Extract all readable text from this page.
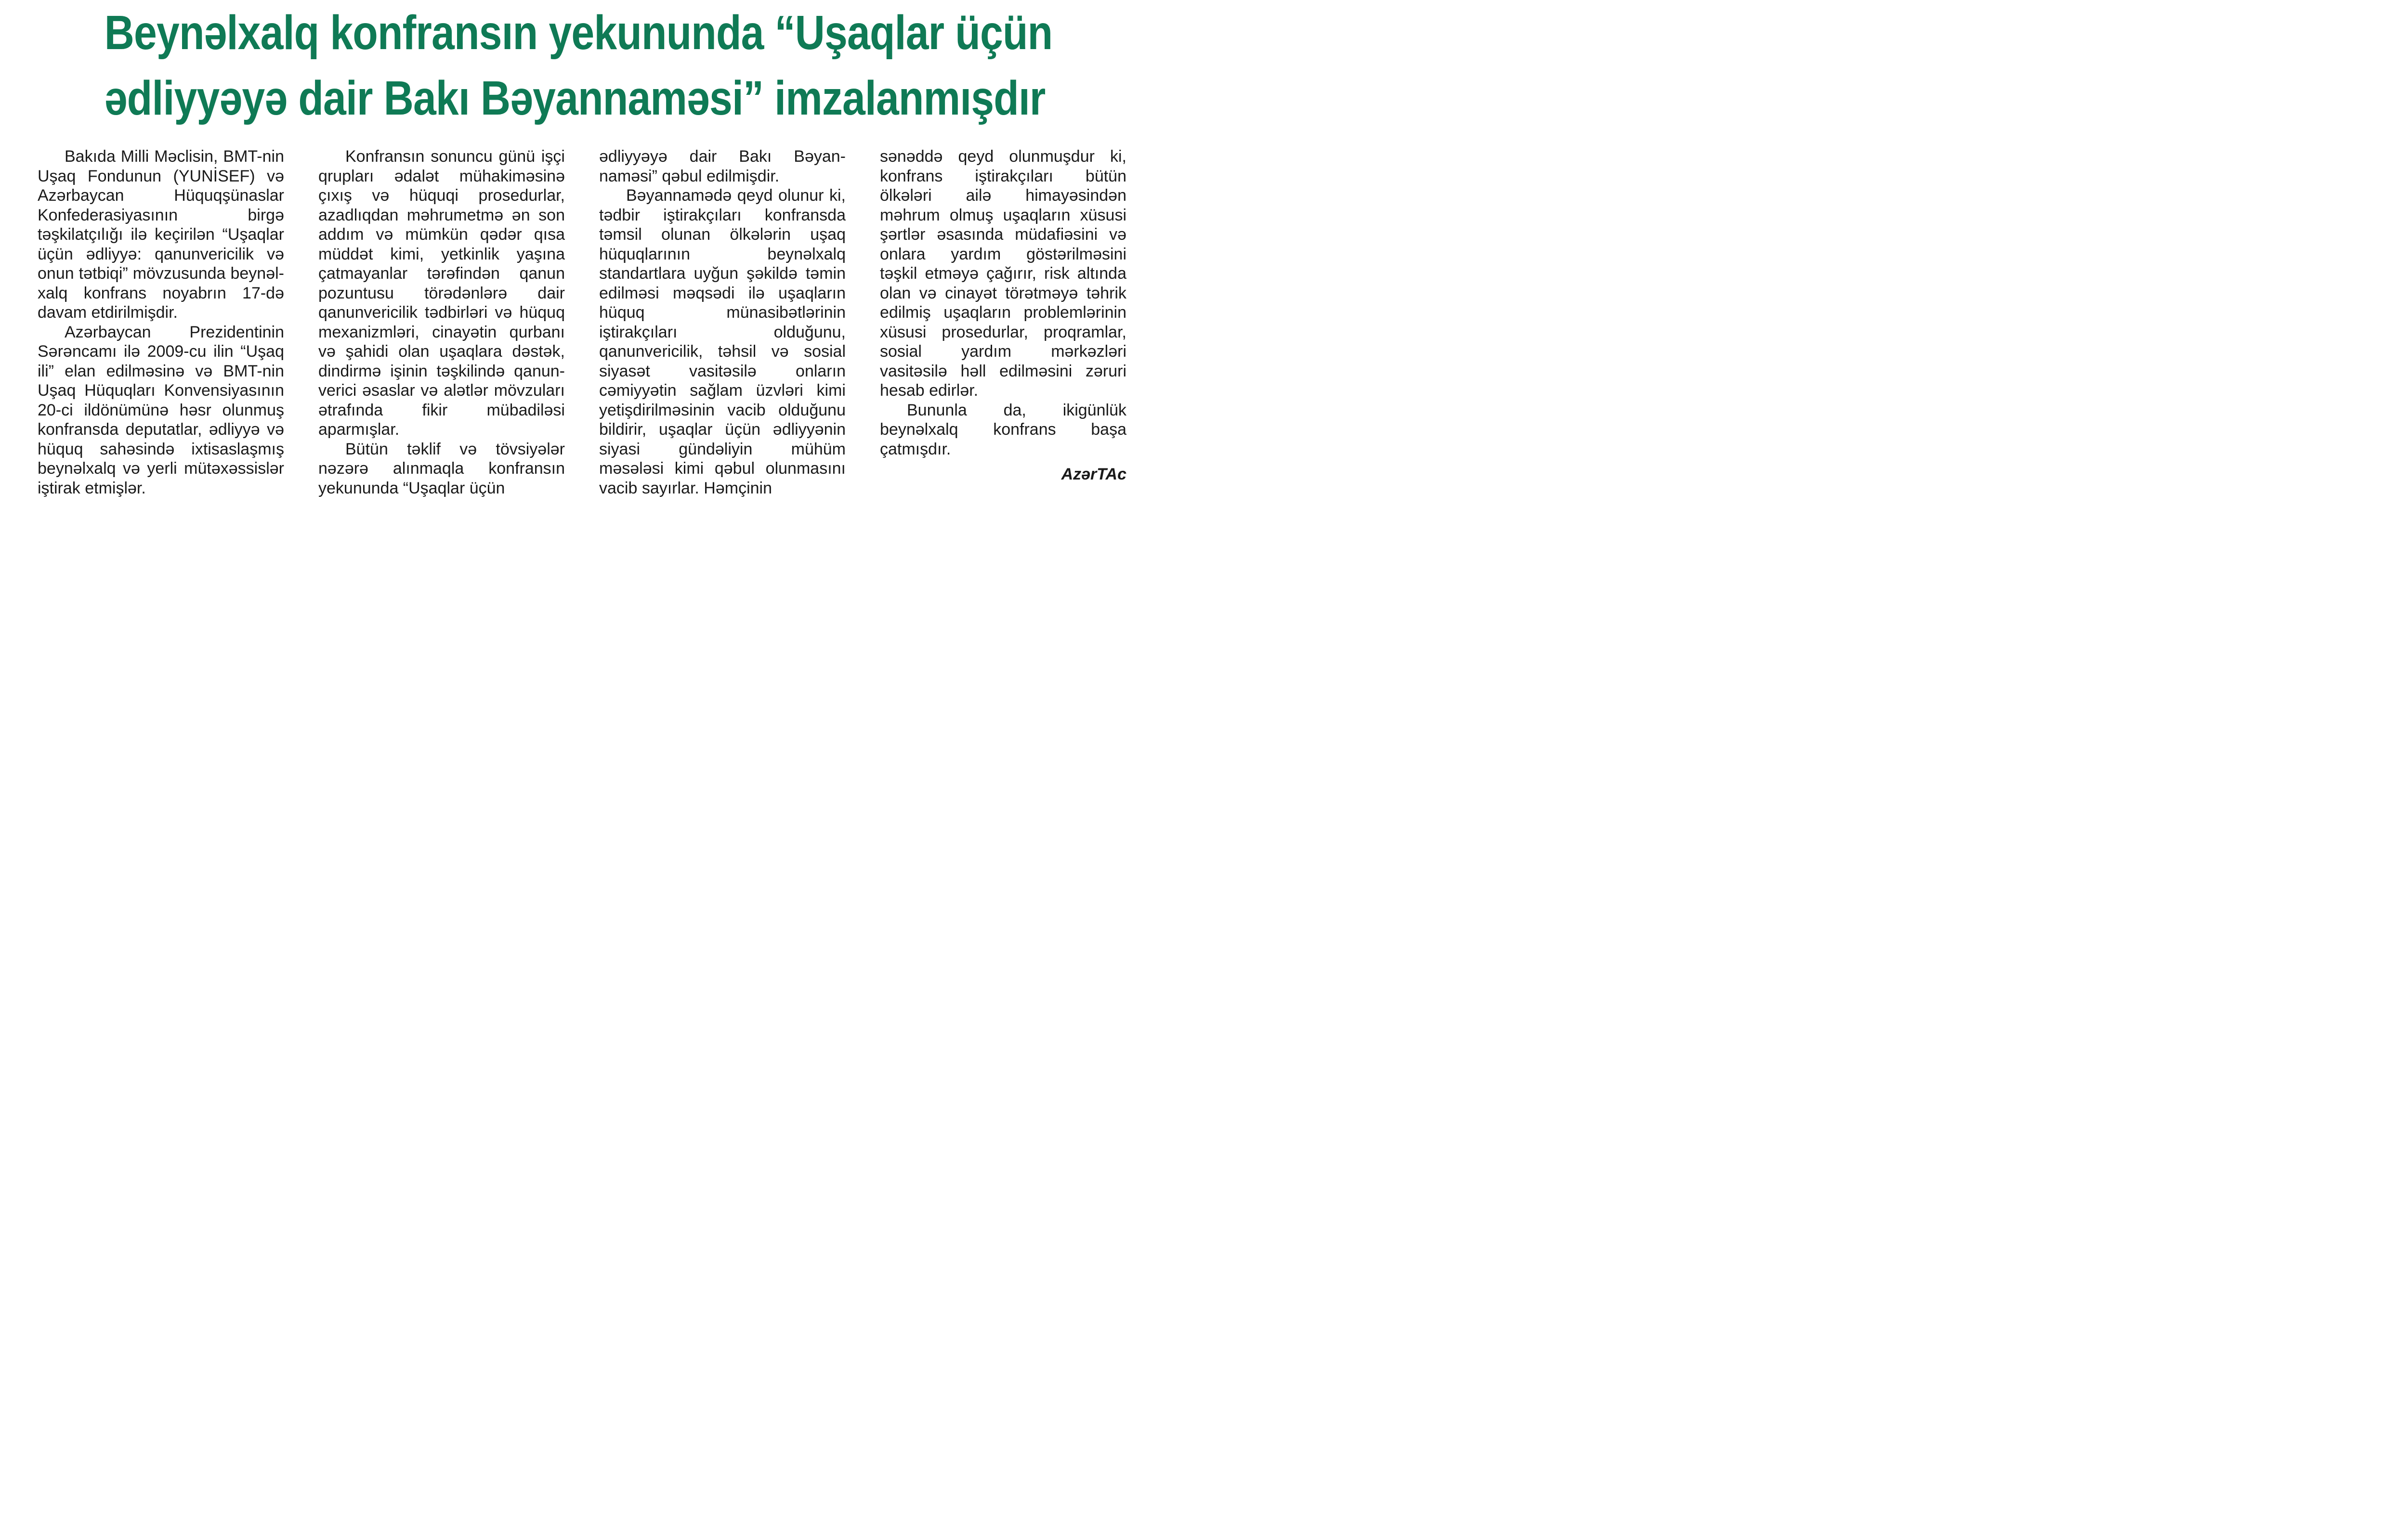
Beynəlxalq konfransın yekununda “Uşaqlar üçün
ədliyyəyə dair Bakı Bəyannaməsi” imzalanmışdır

Bakıda Milli Məclisin, BMT-nin Uşaq Fondunun (YUNİSEF) və Azərbaycan Hüquqşünaslar Konfederasiyasının birgə təşkilatçılığı ilə keçirilən “Uşaqlar üçün ədliyyə: qanunvericilik və onun tətbiqi” mövzusunda beynəlxalq konfrans noyabrın 17-də davam etdirilmişdir.

Azərbaycan Prezidentinin Sərəncamı ilə 2009-cu ilin “Uşaq ili” elan edilməsinə və BMT-nin Uşaq Hüquqları Konvensiyasının 20-ci ildönümünə həsr olunmuş konfransda deputatlar, ədliyyə və hüquq sahəsində ixtisaslaşmış beynəlxalq və yerli mütəxəssislər iştirak etmişlər.

Konfransın sonuncu günü işçi qrupları ədalət mühakiməsinə çıxış və hüquqi prosedurlar, azadlıqdan məhrumetmə ən son addım və mümkün qədər qısa müddət kimi, yetkinlik yaşına çatmayanlar tərəfindən qanun pozuntusu törədənlərə dair qanunvericilik tədbirləri və hüquq mexanizmləri, cinayətin qurbanı və şahidi olan uşaqlara dəstək, dindirmə işinin təşkilində qanunverici əsaslar və alətlər mövzuları ətrafında fikir mübadiləsi aparmışlar.

Bütün təklif və tövsiyələr nəzərə alınmaqla konfransın yekununda “Uşaqlar üçün

ədliyyəyə dair Bakı Bəyannaməsi” qəbul edilmişdir.

Bəyannamədə qeyd olunur ki, tədbir iştirakçıları konfransda təmsil olunan ölkələrin uşaq hüquqlarının beynəlxalq standartlara uyğun şəkildə təmin edilməsi məqsədi ilə uşaqların hüquq münasibətlərinin iştirakçıları olduğunu, qanunvericilik, təhsil və sosial siyasət vasitəsilə onların cəmiyyətin sağlam üzvləri kimi yetişdirilməsinin vacib olduğunu bildirir, uşaqlar üçün ədliyyənin siyasi gündəliyin mühüm məsələsi kimi qəbul olunmasını vacib sayırlar. Həmçinin

sənəddə qeyd olunmuşdur ki, konfrans iştirakçıları bütün ölkələri ailə himayəsindən məhrum olmuş uşaqların xüsusi şərtlər əsasında müdafiəsini və onlara yardım göstərilməsini təşkil etməyə çağırır, risk altında olan və cinayət törətməyə təhrik edilmiş uşaqların problemlərinin xüsusi prosedurlar, proqramlar, sosial yardım mərkəzləri vasitəsilə həll edilməsini zəruri hesab edirlər.

Bununla da, ikigünlük beynəlxalq konfrans başa çatmışdır.

AzərTAc
